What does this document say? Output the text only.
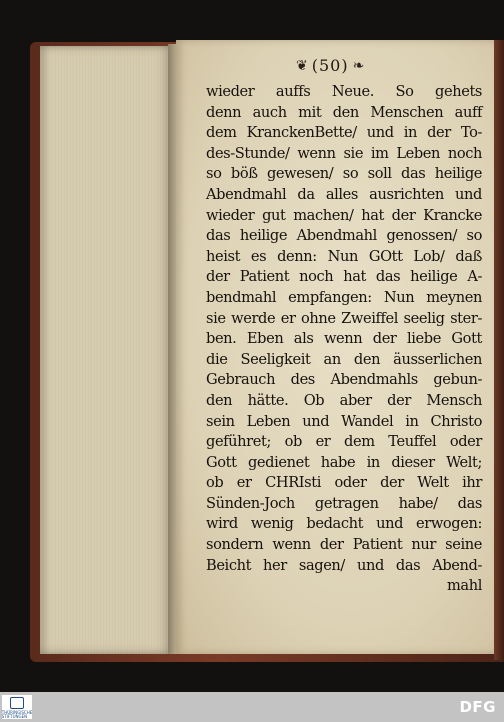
❦ (50) ❧
wieder auffs Neue. So gehets
denn auch mit den Menschen auff
dem KranckenBette/ und in der To-
des-Stunde/ wenn sie im Leben noch
so böß gewesen/ so soll das heilige
Abendmahl da alles ausrichten und
wieder gut machen/ hat der Krancke
das heilige Abendmahl genossen/ so
heist es denn: Nun GOtt Lob/ daß
der Patient noch hat das heilige A-
bendmahl empfangen: Nun meynen
sie werde er ohne Zweiffel seelig ster-
ben. Eben als wenn der liebe Gott
die Seeligkeit an den äusserlichen
Gebrauch des Abendmahls gebun-
den hätte. Ob aber der Mensch
sein Leben und Wandel in Christo
geführet; ob er dem Teuffel oder
Gott gedienet habe in dieser Welt;
ob er CHRIsti oder der Welt ihr
Sünden-Joch getragen habe/ das
wird wenig bedacht und erwogen:
sondern wenn der Patient nur seine
Beicht her sagen/ und das Abend-
mahl
THÜRINGISCHE STIFTUNGEN
DFG
